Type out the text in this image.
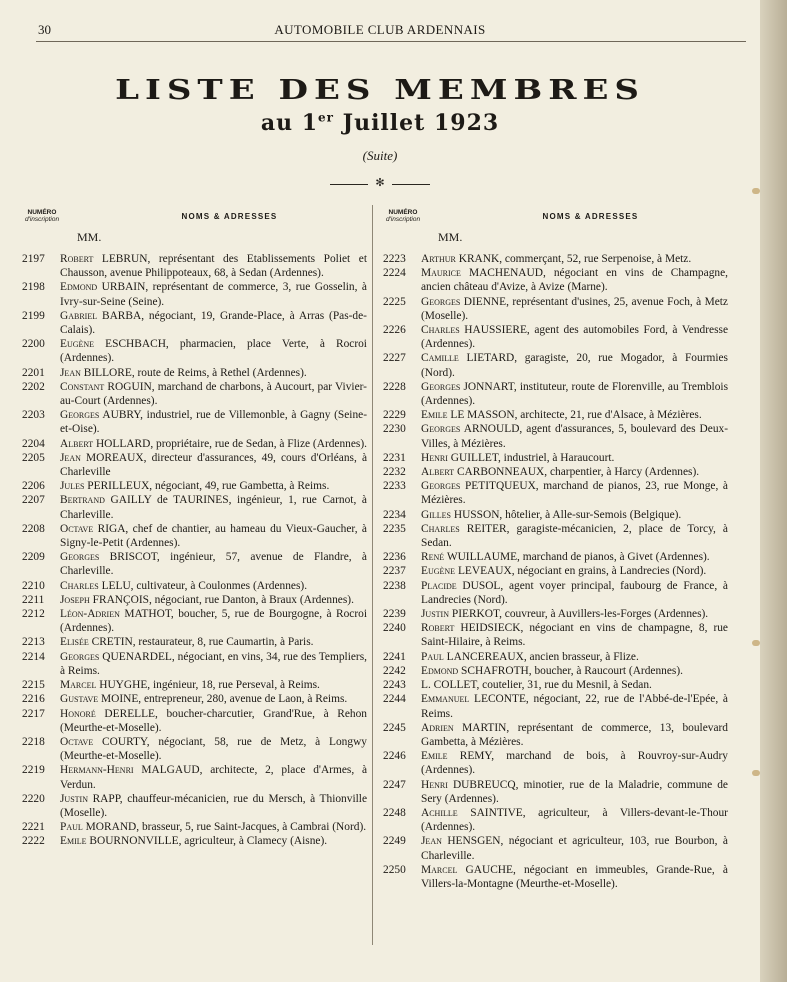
30	AUTOMOBILE CLUB ARDENNAIS
LISTE DES MEMBRES
au 1er Juillet 1923
(Suite)
✻
NUMÉRO
d'inscription	NOMS & ADRESSES
MM.
2197	Robert LEBRUN, représentant des Etablissements Poliet et Chausson, avenue Philippoteaux, 68, à Sedan (Ardennes).
2198	Edmond URBAIN, représentant de commerce, 3, rue Gosselin, à Ivry-sur-Seine (Seine).
2199	Gabriel BARBA, négociant, 19, Grande-Place, à Arras (Pas-de-Calais).
2200	Eugène ESCHBACH, pharmacien, place Verte, à Rocroi (Ardennes).
2201	Jean BILLORE, route de Reims, à Rethel (Ardennes).
2202	Constant ROGUIN, marchand de charbons, à Aucourt, par Vivier-au-Court (Ardennes).
2203	Georges AUBRY, industriel, rue de Villemonble, à Gagny (Seine-et-Oise).
2204	Albert HOLLARD, propriétaire, rue de Sedan, à Flize (Ardennes).
2205	Jean MOREAUX, directeur d'assurances, 49, cours d'Orléans, à Charleville
2206	Jules PERILLEUX, négociant, 49, rue Gambetta, à Reims.
2207	Bertrand GAILLY de TAURINES, ingénieur, 1, rue Carnot, à Charleville.
2208	Octave RIGA, chef de chantier, au hameau du Vieux-Gaucher, à Signy-le-Petit (Ardennes).
2209	Georges BRISCOT, ingénieur, 57, avenue de Flandre, à Charleville.
2210	Charles LELU, cultivateur, à Coulonmes (Ardennes).
2211	Joseph FRANÇOIS, négociant, rue Danton, à Braux (Ardennes).
2212	Léon-Adrien MATHOT, boucher, 5, rue de Bourgogne, à Rocroi (Ardennes).
2213	Elisée CRETIN, restaurateur, 8, rue Caumartin, à Paris.
2214	Georges QUENARDEL, négociant, en vins, 34, rue des Templiers, à Reims.
2215	Marcel HUYGHE, ingénieur, 18, rue Perseval, à Reims.
2216	Gustave MOINE, entrepreneur, 280, avenue de Laon, à Reims.
2217	Honoré DERELLE, boucher-charcutier, Grand'Rue, à Rehon (Meurthe-et-Moselle).
2218	Octave COURTY, négociant, 58, rue de Metz, à Longwy (Meurthe-et-Moselle).
2219	Hermann-Henri MALGAUD, architecte, 2, place d'Armes, à Verdun.
2220	Justin RAPP, chauffeur-mécanicien, rue du Mersch, à Thionville (Moselle).
2221	Paul MORAND, brasseur, 5, rue Saint-Jacques, à Cambrai (Nord).
2222	Emile BOURNONVILLE, agriculteur, à Clamecy (Aisne).
NUMÉRO
d'inscription	NOMS & ADRESSES
MM.
2223	Arthur KRANK, commerçant, 52, rue Serpenoise, à Metz.
2224	Maurice MACHENAUD, négociant en vins de Champagne, ancien château d'Avize, à Avize (Marne).
2225	Georges DIENNE, représentant d'usines, 25, avenue Foch, à Metz (Moselle).
2226	Charles HAUSSIERE, agent des automobiles Ford, à Vendresse (Ardennes).
2227	Camille LIETARD, garagiste, 20, rue Mogador, à Fourmies (Nord).
2228	Georges JONNART, instituteur, route de Florenville, au Tremblois (Ardennes).
2229	Emile LE MASSON, architecte, 21, rue d'Alsace, à Mézières.
2230	Georges ARNOULD, agent d'assurances, 5, boulevard des Deux-Villes, à Mézières.
2231	Henri GUILLET, industriel, à Haraucourt.
2232	Albert CARBONNEAUX, charpentier, à Harcy (Ardennes).
2233	Georges PETITQUEUX, marchand de pianos, 23, rue Monge, à Mézières.
2234	Gilles HUSSON, hôtelier, à Alle-sur-Semois (Belgique).
2235	Charles REITER, garagiste-mécanicien, 2, place de Torcy, à Sedan.
2236	René WUILLAUME, marchand de pianos, à Givet (Ardennes).
2237	Eugène LEVEAUX, négociant en grains, à Landrecies (Nord).
2238	Placide DUSOL, agent voyer principal, faubourg de France, à Landrecies (Nord).
2239	Justin PIERKOT, couvreur, à Auvillers-les-Forges (Ardennes).
2240	Robert HEIDSIECK, négociant en vins de champagne, 8, rue Saint-Hilaire, à Reims.
2241	Paul LANCEREAUX, ancien brasseur, à Flize.
2242	Edmond SCHAFROTH, boucher, à Raucourt (Ardennes).
2243	L. COLLET, coutelier, 31, rue du Mesnil, à Sedan.
2244	Emmanuel LECONTE, négociant, 22, rue de l'Abbé-de-l'Epée, à Reims.
2245	Adrien MARTIN, représentant de commerce, 13, boulevard Gambetta, à Mézières.
2246	Emile REMY, marchand de bois, à Rouvroy-sur-Audry (Ardennes).
2247	Henri DUBREUCQ, minotier, rue de la Maladrie, commune de Sery (Ardennes).
2248	Achille SAINTIVE, agriculteur, à Villers-devant-le-Thour (Ardennes).
2249	Jean HENSGEN, négociant et agriculteur, 103, rue Bourbon, à Charleville.
2250	Marcel GAUCHE, négociant en immeubles, Grande-Rue, à Villers-la-Montagne (Meurthe-et-Moselle).
